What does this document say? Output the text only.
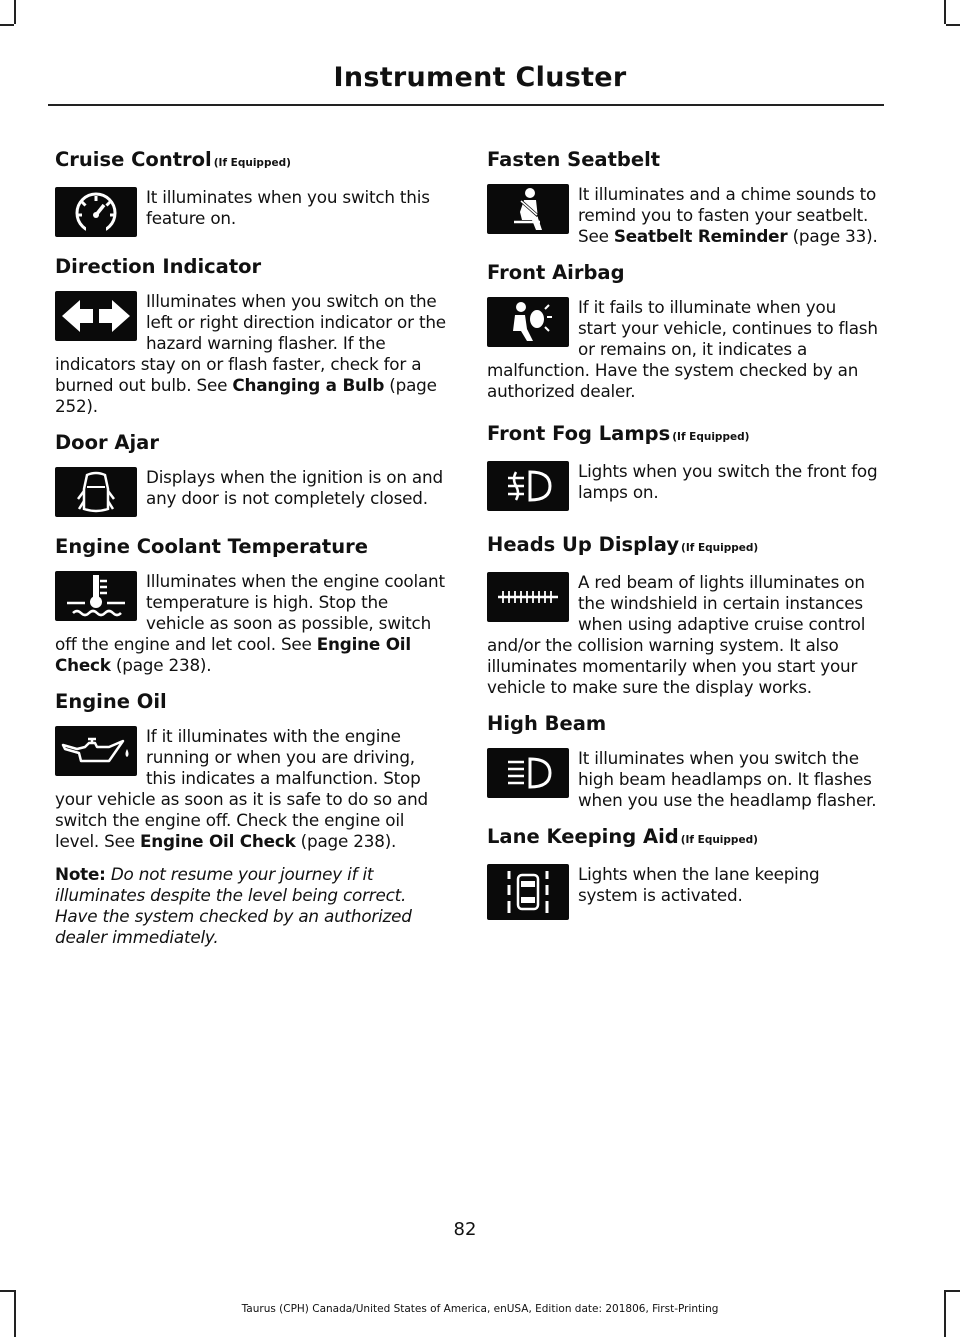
Instrument Cluster
Cruise Control (If Equipped)

It illuminates when you switch this feature on.

Direction Indicator

Illuminates when you switch on the left or right direction indicator or the hazard warning flasher. If the indicators stay on or flash faster, check for a burned out bulb. See Changing a Bulb (page 252).

Door Ajar

Displays when the ignition is on and any door is not completely closed.

Engine Coolant Temperature

Illuminates when the engine coolant temperature is high. Stop the vehicle as soon as possible, switch off the engine and let cool. See Engine Oil Check (page 238).

Engine Oil

If it illuminates with the engine running or when you are driving, this indicates a malfunction. Stop your vehicle as soon as it is safe to do so and switch the engine off. Check the engine oil level. See Engine Oil Check (page 238).

Note: Do not resume your journey if it illuminates despite the level being correct. Have the system checked by an authorized dealer immediately.

Fasten Seatbelt

It illuminates and a chime sounds to remind you to fasten your seatbelt. See Seatbelt Reminder (page 33).

Front Airbag

If it fails to illuminate when you start your vehicle, continues to flash or remains on, it indicates a malfunction. Have the system checked by an authorized dealer.

Front Fog Lamps (If Equipped)

Lights when you switch the front fog lamps on.

Heads Up Display (If Equipped)

A red beam of lights illuminates on the windshield in certain instances when using adaptive cruise control and/or the collision warning system. It also illuminates momentarily when you start your vehicle to make sure the display works.

High Beam

It illuminates when you switch the high beam headlamps on. It flashes when you use the headlamp flasher.

Lane Keeping Aid (If Equipped)

Lights when the lane keeping system is activated.

82
Taurus (CPH) Canada/United States of America, enUSA, Edition date: 201806, First-Printing
